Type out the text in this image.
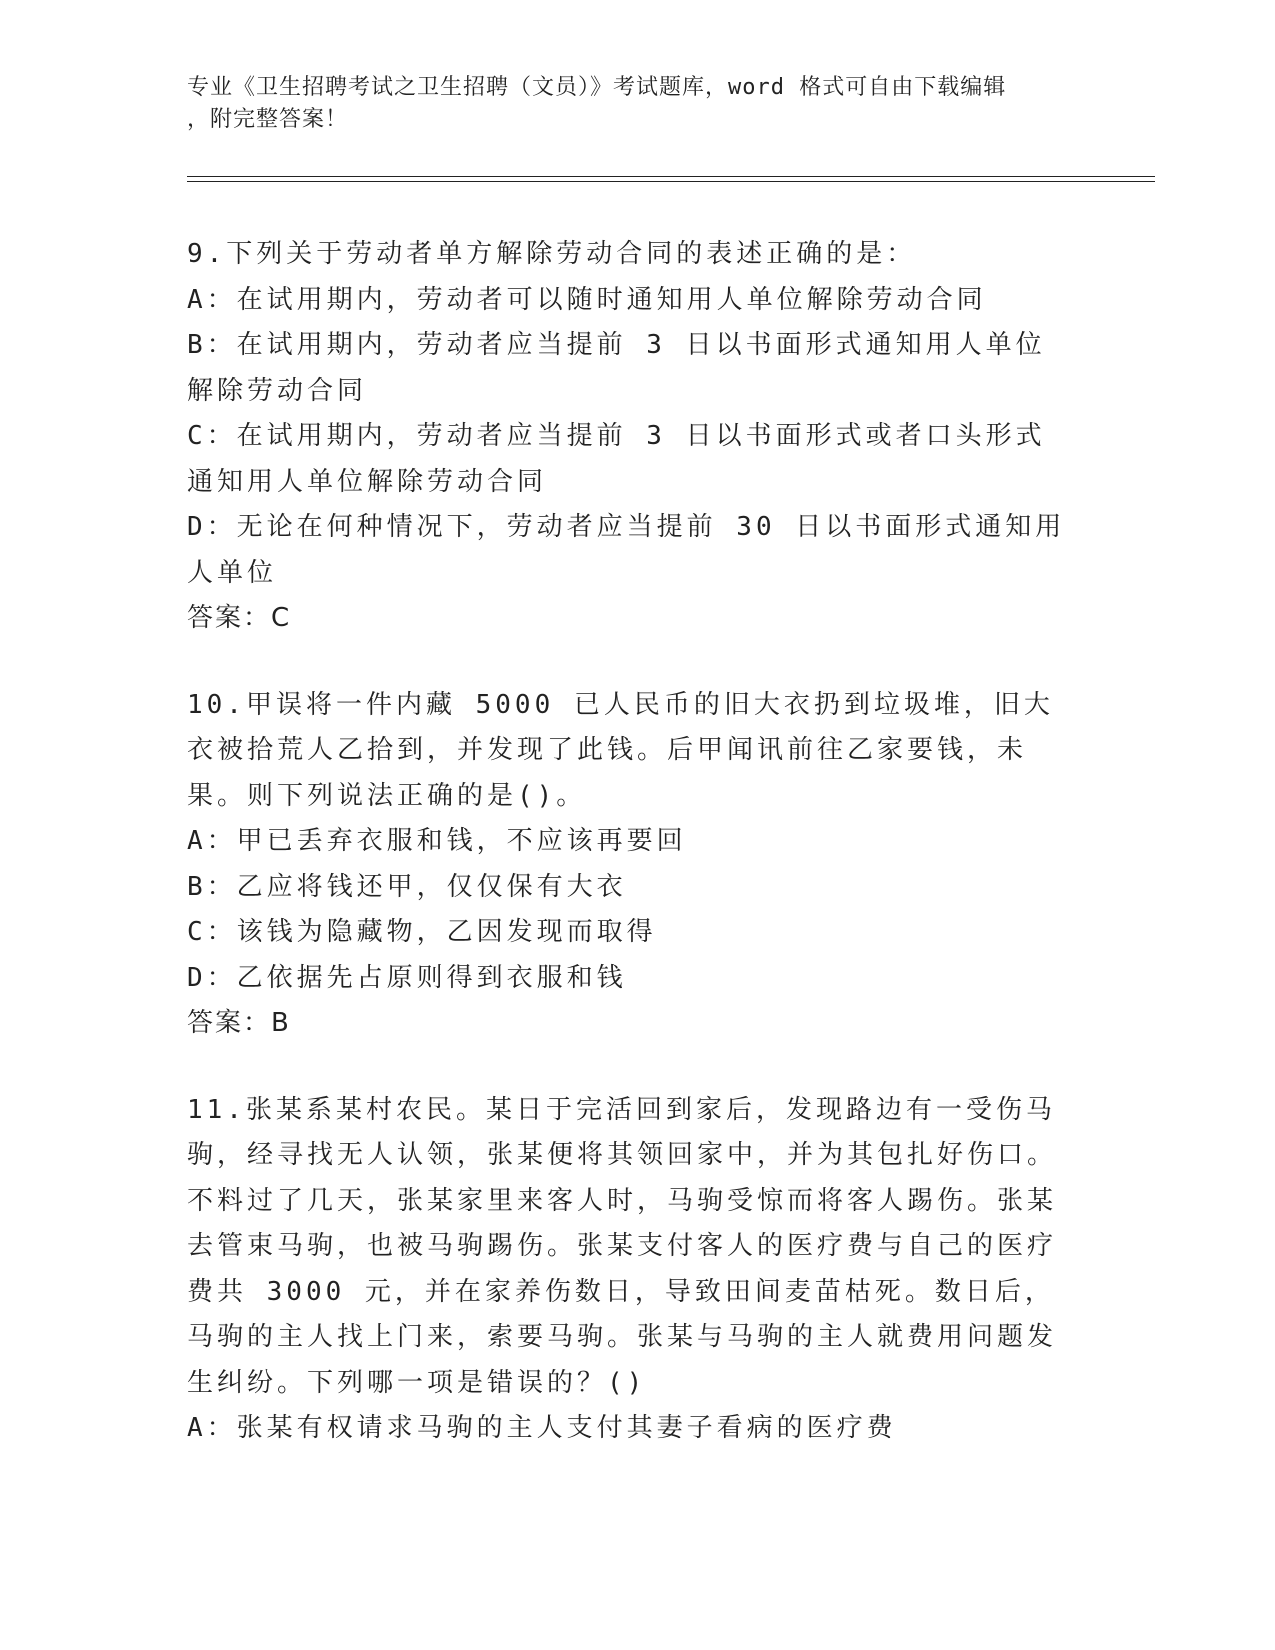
专业《卫生招聘考试之卫生招聘（文员）》考试题库，word 格式可自由下载编辑
，附完整答案！
9.下列关于劳动者单方解除劳动合同的表述正确的是：
A：在试用期内，劳动者可以随时通知用人单位解除劳动合同
B：在试用期内，劳动者应当提前 3 日以书面形式通知用人单位解除劳动合同
C：在试用期内，劳动者应当提前 3 日以书面形式或者口头形式通知用人单位解除劳动合同
D：无论在何种情况下，劳动者应当提前 30 日以书面形式通知用人单位
答案：C
10.甲误将一件内藏 5000 已人民币的旧大衣扔到垃圾堆，旧大衣被拾荒人乙拾到，并发现了此钱。后甲闻讯前往乙家要钱，未果。则下列说法正确的是()。
A：甲已丢弃衣服和钱，不应该再要回
B：乙应将钱还甲，仅仅保有大衣
C：该钱为隐藏物，乙因发现而取得
D：乙依据先占原则得到衣服和钱
答案：B
11.张某系某村农民。某日于完活回到家后，发现路边有一受伤马驹，经寻找无人认领，张某便将其领回家中，并为其包扎好伤口。不料过了几天，张某家里来客人时，马驹受惊而将客人踢伤。张某去管束马驹，也被马驹踢伤。张某支付客人的医疗费与自己的医疗费共 3000 元，并在家养伤数日，导致田间麦苗枯死。数日后，马驹的主人找上门来，索要马驹。张某与马驹的主人就费用问题发生纠纷。下列哪一项是错误的？()
A：张某有权请求马驹的主人支付其妻子看病的医疗费
